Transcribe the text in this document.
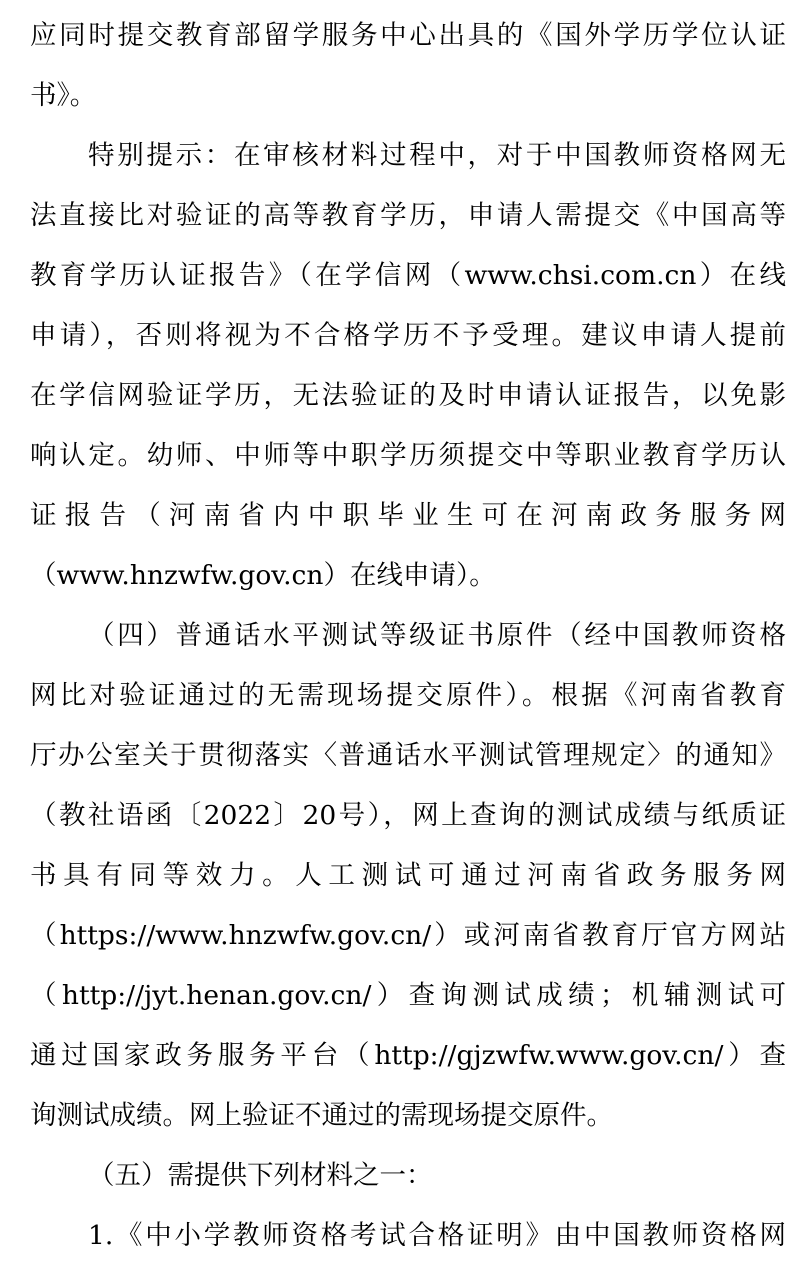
应同时提交教育部留学服务中心出具的《国外学历学位认证
书》。
特别提示：在审核材料过程中，对于中国教师资格网无
法直接比对验证的高等教育学历，申请人需提交《中国高等
教育学历认证报告》（在学信网（www.chsi.com.cn）在线
申请），否则将视为不合格学历不予受理。建议申请人提前
在学信网验证学历，无法验证的及时申请认证报告，以免影
响认定。幼师、中师等中职学历须提交中等职业教育学历认
证报告（河南省内中职毕业生可在河南政务服务网
（www.hnzwfw.gov.cn）在线申请）。
（四）普通话水平测试等级证书原件（经中国教师资格
网比对验证通过的无需现场提交原件）。根据《河南省教育
厅办公室关于贯彻落实〈普通话水平测试管理规定〉的通知》
（教社语函〔2022〕20号），网上查询的测试成绩与纸质证
书具有同等效力。人工测试可通过河南省政务服务网
（https://www.hnzwfw.gov.cn/）或河南省教育厅官方网站
（http://jyt.henan.gov.cn/）查询测试成绩；机辅测试可
通过国家政务服务平台（http://gjzwfw.www.gov.cn/）查
询测试成绩。网上验证不通过的需现场提交原件。
（五）需提供下列材料之一：
1.《中小学教师资格考试合格证明》由中国教师资格网
